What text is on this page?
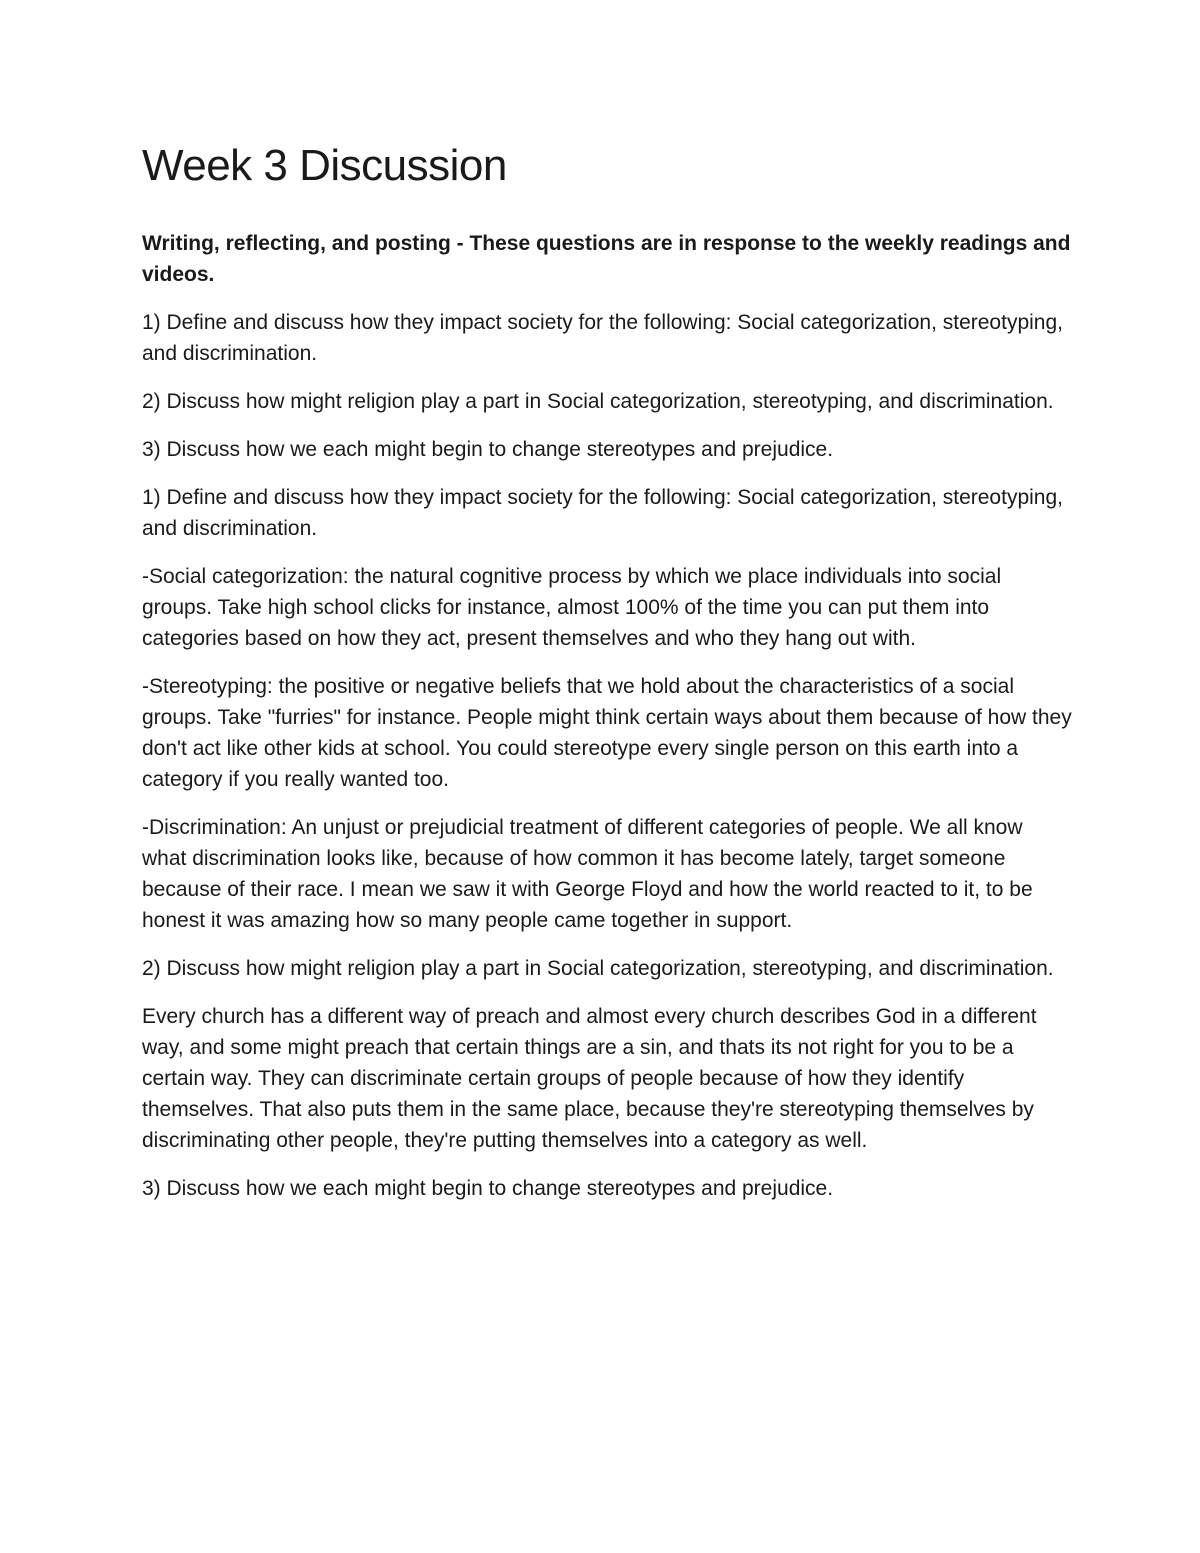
Week 3 Discussion

Writing, reflecting, and posting - These questions are in response to the weekly readings and videos.

1) Define and discuss how they impact society for the following: Social categorization, stereotyping, and discrimination.

2) Discuss how might religion play a part in Social categorization, stereotyping, and discrimination.

3) Discuss how we each might begin to change stereotypes and prejudice.

1) Define and discuss how they impact society for the following: Social categorization, stereotyping, and discrimination.

-Social categorization: the natural cognitive process by which we place individuals into social groups. Take high school clicks for instance, almost 100% of the time you can put them into categories based on how they act, present themselves and who they hang out with.

-Stereotyping: the positive or negative beliefs that we hold about the characteristics of a social groups. Take "furries" for instance. People might think certain ways about them because of how they don't act like other kids at school. You could stereotype every single person on this earth into a category if you really wanted too.

-Discrimination: An unjust or prejudicial treatment of different categories of people. We all know what discrimination looks like, because of how common it has become lately, target someone because of their race. I mean we saw it with George Floyd and how the world reacted to it, to be honest it was amazing how so many people came together in support.

2) Discuss how might religion play a part in Social categorization, stereotyping, and discrimination.

Every church has a different way of preach and almost every church describes God in a different way, and some might preach that certain things are a sin, and thats its not right for you to be a certain way. They can discriminate certain groups of people because of how they identify themselves. That also puts them in the same place, because they're stereotyping themselves by discriminating other people, they're putting themselves into a category as well.

3) Discuss how we each might begin to change stereotypes and prejudice.
